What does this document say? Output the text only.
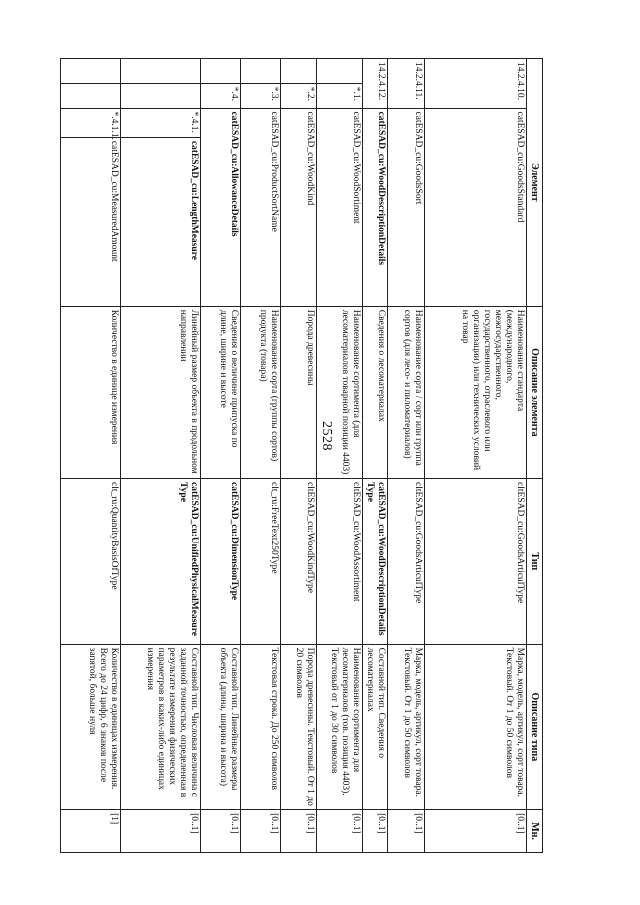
2528
Элемент				Описание элемента	Тип	Описание типа	Мн.
14.2.4.10.		catESAD_cu:GoodsStandard		Наименование стандарта (международного, межгосударственного, государственного, отраслевого или организации) или технических условий на товар	cltESAD_cu:GoodsArticulType	Марка, модель, артикул, сорт товара. Текстовый. От 1 до 50 символов	[0..1]
14.2.4.11.		catESAD_cu:GoodsSort		Наименование сорта / сорт или группа сортов (для лесо- и пиломатериалов)	cltESAD_cu:GoodsArticulType	Марка, модель, артикул, сорт товара. Текстовый. От 1 до 50 символов	[0..1]
14.2.4.12.		catESAD_cu:WoodDescriptionDetails		Сведения о лесоматериалах	catESAD_cu:WoodDescriptionDetailsType	Составной тип. Сведения о лесоматериалах	[0..1]
	*.1.	catESAD_cu:WoodSortiment		Наименование сортимента (для лесоматериалов товарной позиции 4403)	cltESAD_cu:WoodAssortiment	Наименование сортимента для лесоматериалов (тов. позиция 4403). Текстовый от 1 до 30 символов	[0..1]
	*.2.	catESAD_cu:WoodKind		Порода древесины	cltESAD_cu:WoodKindType	Порода древесины. Текстовый. От 1 до 20 символов	[0..1]
	*.3.	catESAD_cu:ProductSortName		Наименование сорта (группы сортов) продукта (товара)	clt_ru:FreeText250Type	Текстовая строка. До 250 символов	[0..1]
	*.4.	catESAD_cu:AllowanceDetails		Сведения о величине припуска по длине, ширине и высоте	catESAD_cu:DimensionType	Составной тип. Линейные размеры объекта (длина, ширина и высота)	[0..1]
		*.4.1.	catESAD_cu:LengthMeasure	Линейный размер объекта в продольном направлении	catESAD_cu:UnifiedPhysicalMeasureType	Составной тип. Числовая величина с заданной точностью, определенная в результате измерения физических параметров в каких-либо единицах измерения	[0..1]
		*.4.1.1.	catESAD_cu:MeasuredAmount	Количество в единице измерения	clt_ru:QuantityBasisOfType	Количество в единицах измерения. Всего до 24 цифр, 6 знаков после запятой, больше нуля	[1]
